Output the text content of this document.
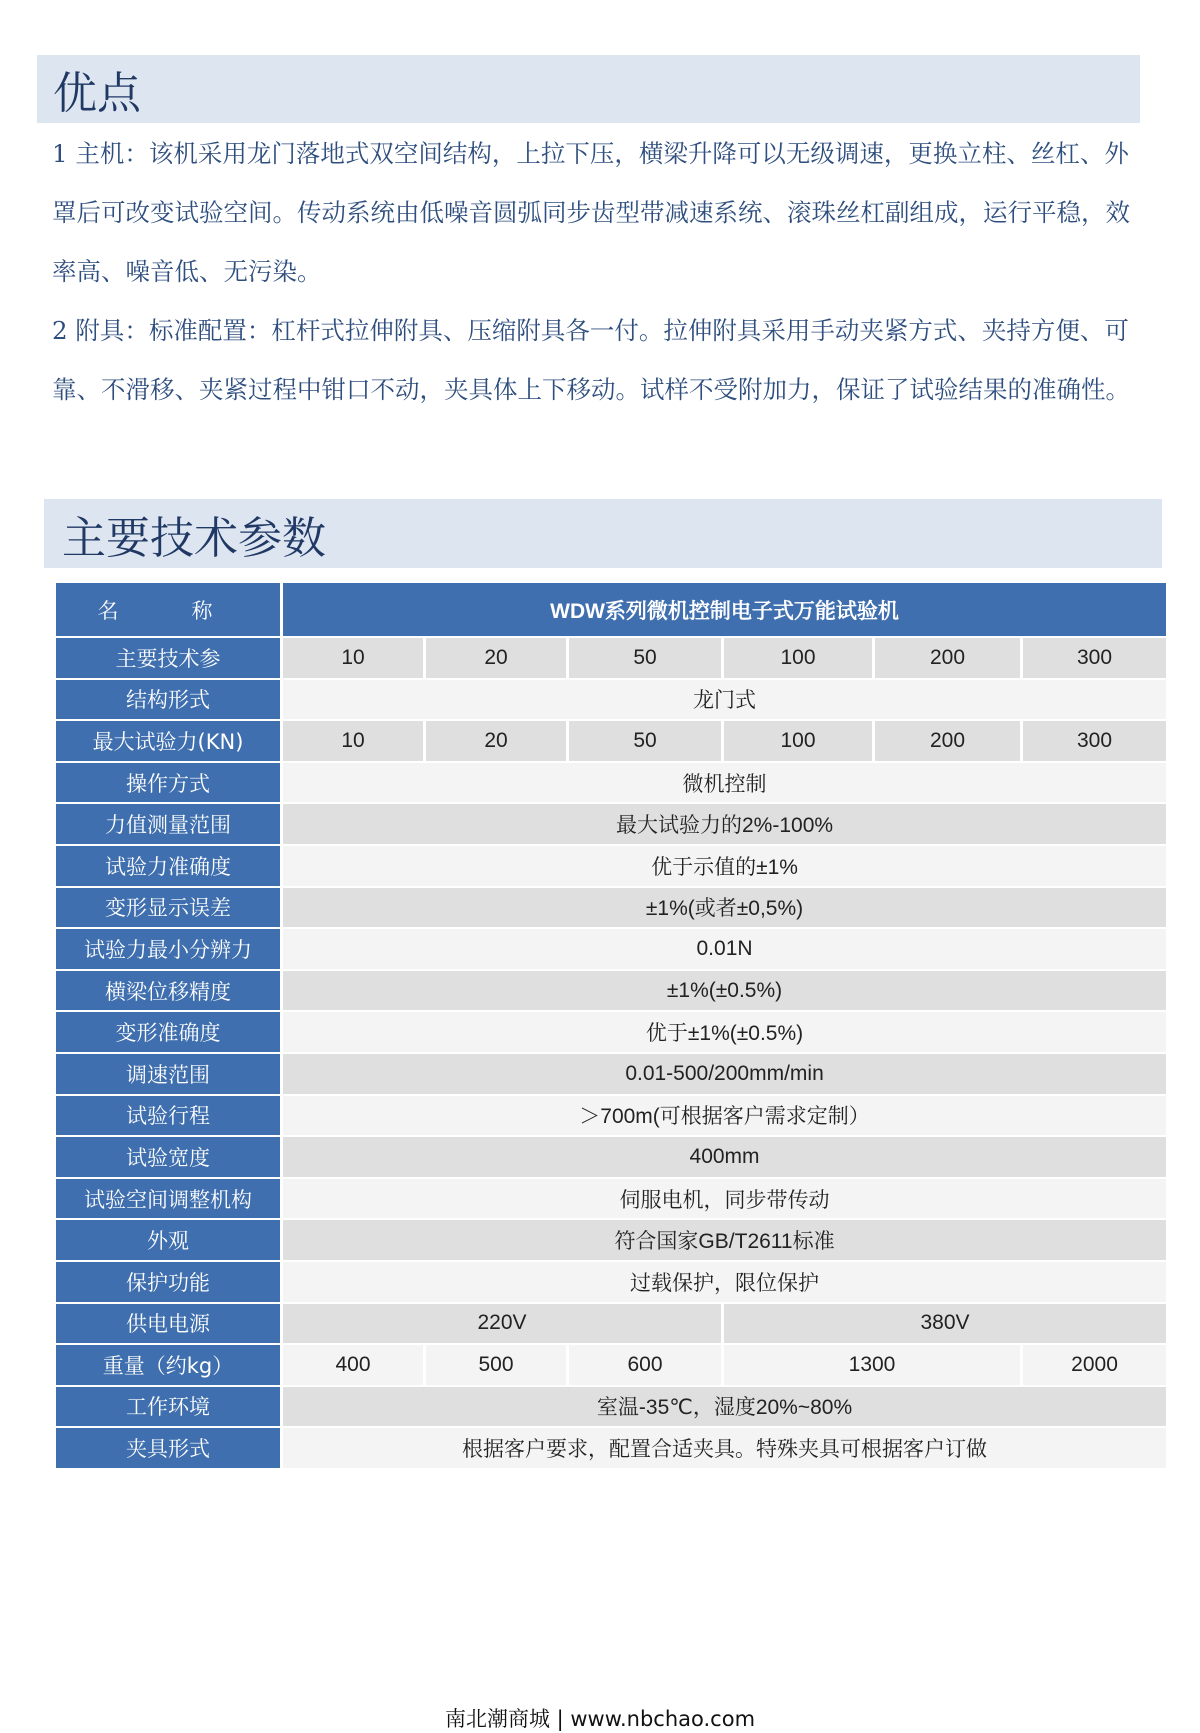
优点

1 主机：该机采用龙门落地式双空间结构，上拉下压，横梁升降可以无级调速，更换立柱、丝杠、外罩后可改变试验空间。传动系统由低噪音圆弧同步齿型带减速系统、滚珠丝杠副组成，运行平稳，效率高、噪音低、无污染。

2 附具：标准配置：杠杆式拉伸附具、压缩附具各一付。拉伸附具采用手动夹紧方式、夹持方便、可靠、不滑移、夹紧过程中钳口不动，夹具体上下移动。试样不受附加力，保证了试验结果的准确性。

主要技术参数
名　称	WDW系列微机控制电子式万能试验机					
主要技术参	10	20	50	100	200	300
结构形式	龙门式					
最大试验力(KN)	10	20	50	100	200	300
操作方式	微机控制					
力值测量范围	最大试验力的2%-100%					
试验力准确度	优于示值的±1%					
变形显示误差	±1%(或者±0,5%)					
试验力最小分辨力	0.01N					
横梁位移精度	±1%(±0.5%)					
变形准确度	优于±1%(±0.5%)					
调速范围	0.01-500/200mm/min					
试验行程	＞700m(可根据客户需求定制）					
试验宽度	400mm					
试验空间调整机构	伺服电机，同步带传动					
外观	符合国家GB/T2611标准					
保护功能	过载保护，限位保护					
供电电源	220V			380V		
重量（约kg）	400	500	600	1300		2000
工作环境	室温-35℃，湿度20%~80%					
夹具形式	根据客户要求，配置合适夹具。特殊夹具可根据客户订做					
南北潮商城 | www.nbchao.com
